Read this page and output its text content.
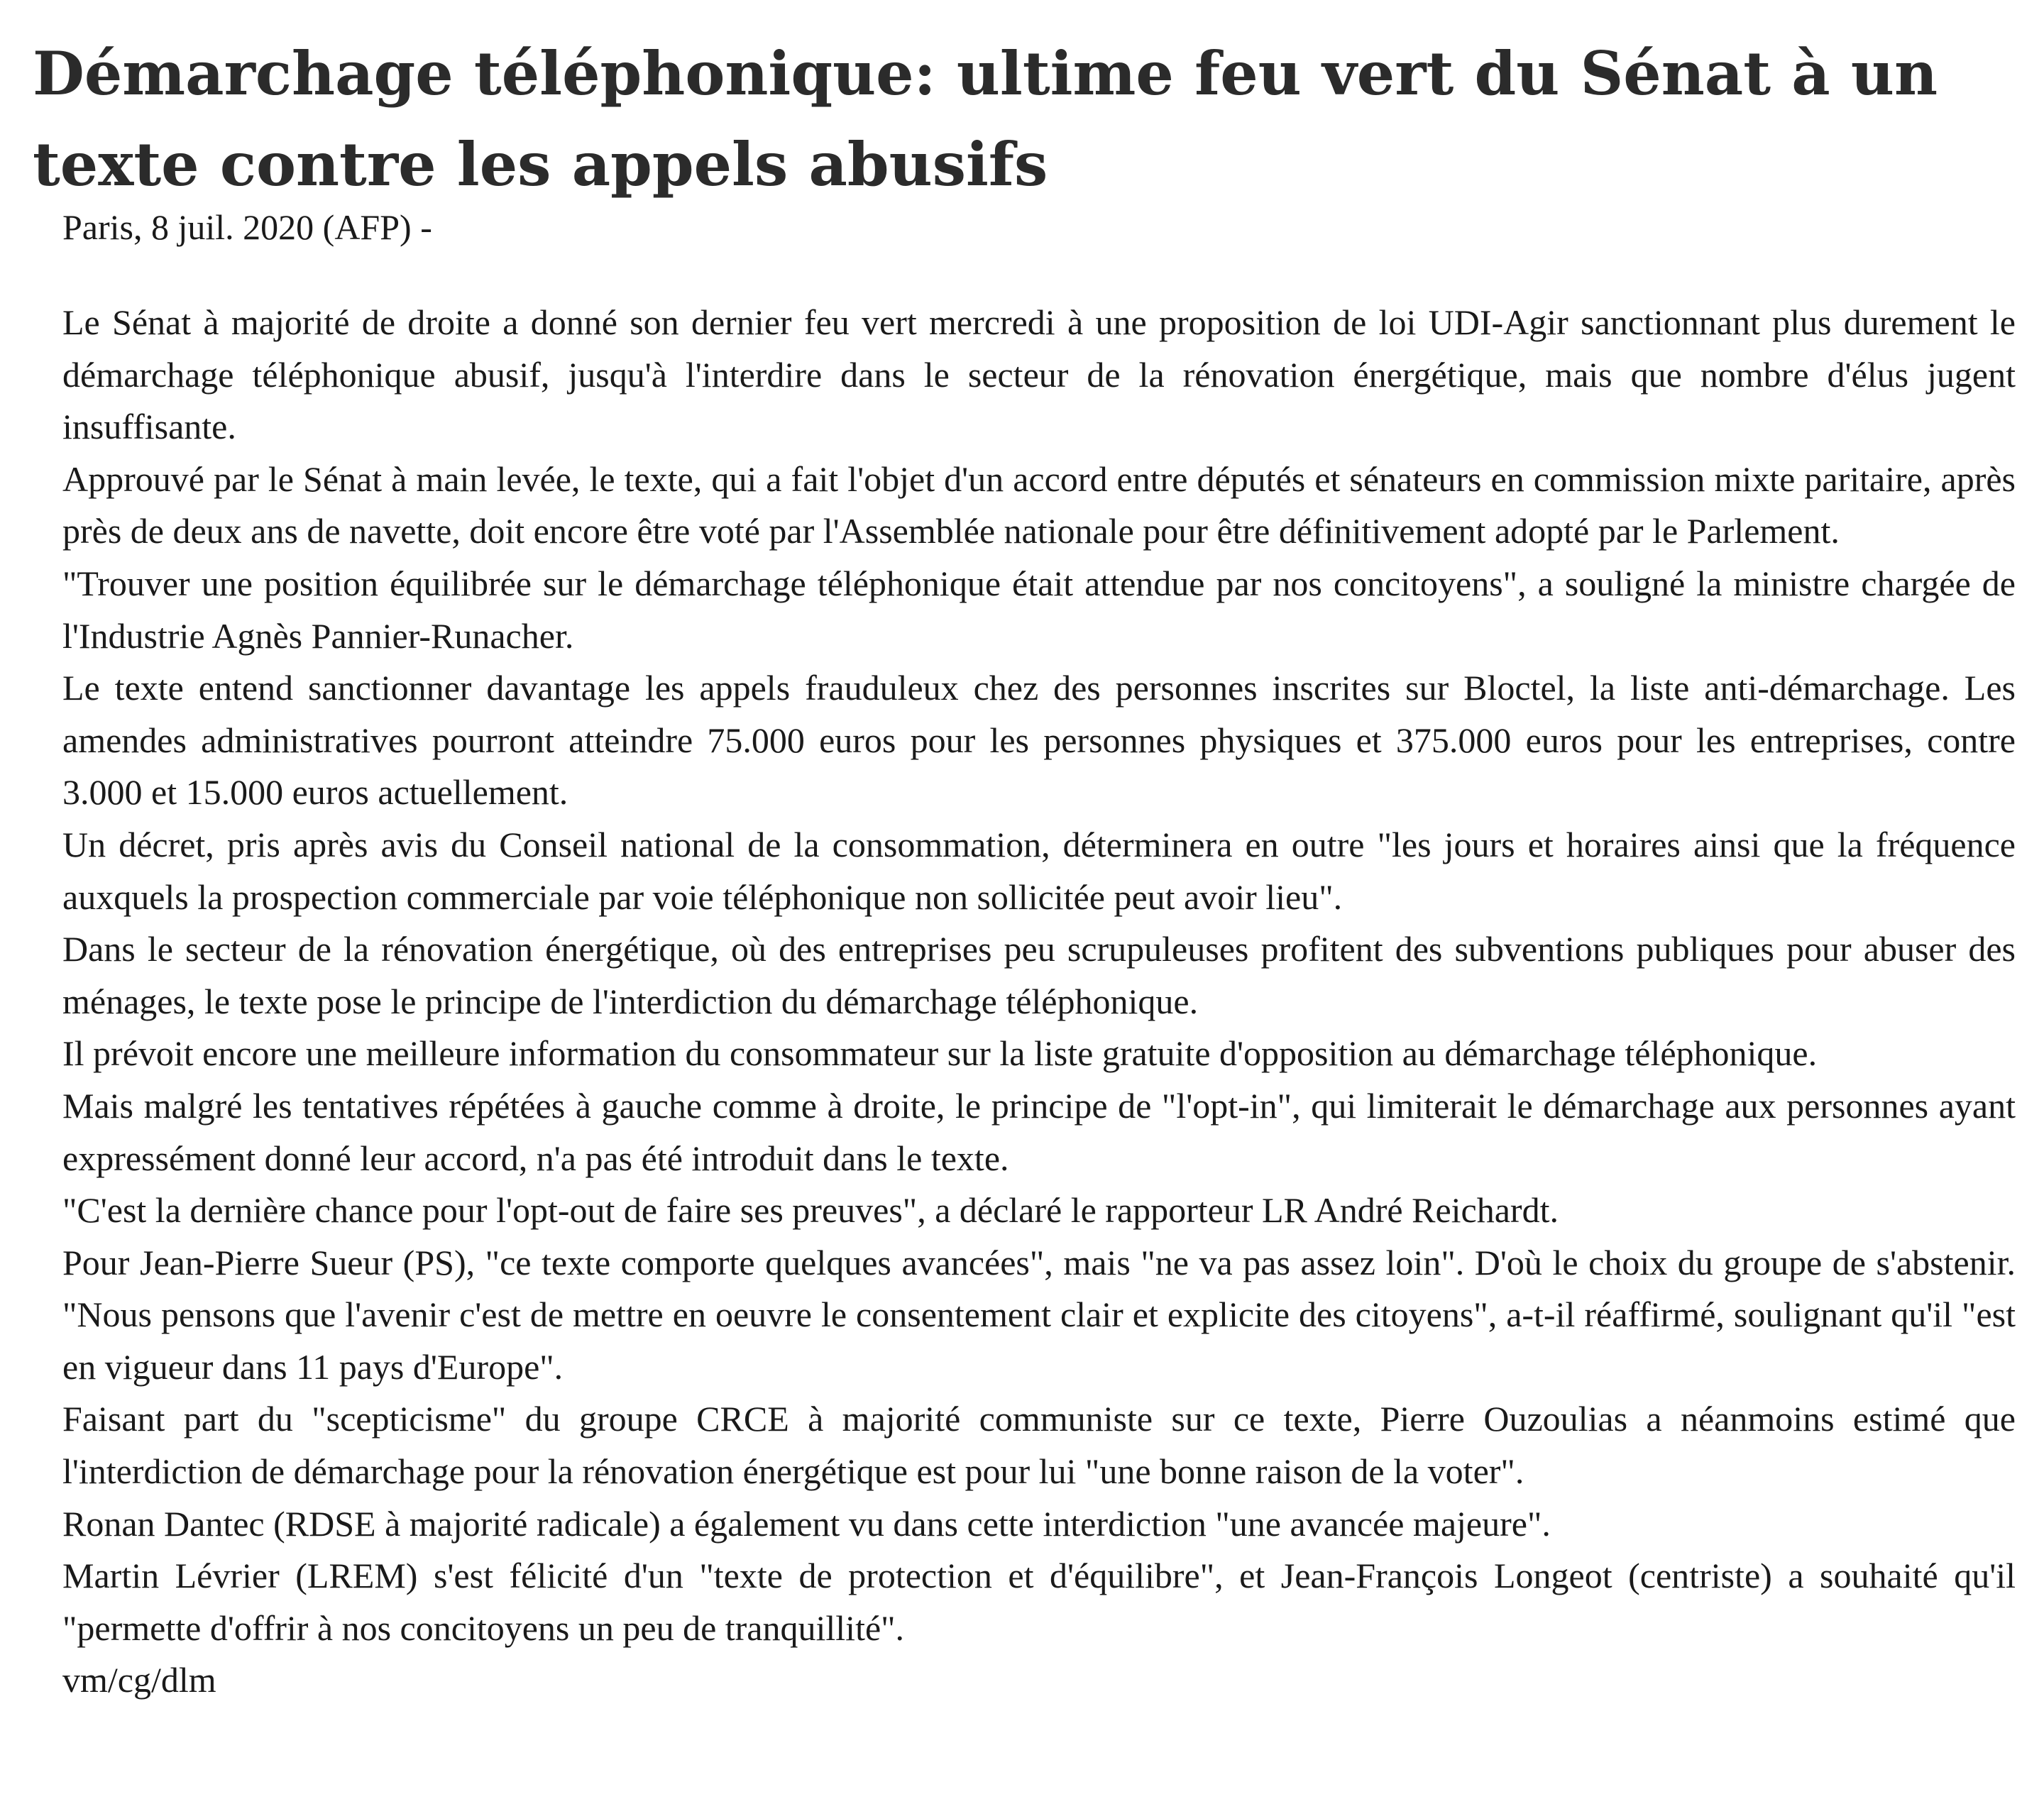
Démarchage téléphonique: ultime feu vert du Sénat à un texte contre les appels abusifs

Paris, 8 juil. 2020 (AFP) -

Le Sénat à majorité de droite a donné son dernier feu vert mercredi à une proposition de loi UDI-Agir sanctionnant plus durement le démarchage téléphonique abusif, jusqu'à l'interdire dans le secteur de la rénovation énergétique, mais que nombre d'élus jugent insuffisante.

Approuvé par le Sénat à main levée, le texte, qui a fait l'objet d'un accord entre députés et sénateurs en commission mixte paritaire, après près de deux ans de navette, doit encore être voté par l'Assemblée nationale pour être définitivement adopté par le Parlement.

"Trouver une position équilibrée sur le démarchage téléphonique était attendue par nos concitoyens", a souligné la ministre chargée de l'Industrie Agnès Pannier-Runacher.

Le texte entend sanctionner davantage les appels frauduleux chez des personnes inscrites sur Bloctel, la liste anti-démarchage. Les amendes administratives pourront atteindre 75.000 euros pour les personnes physiques et 375.000 euros pour les entreprises, contre 3.000 et 15.000 euros actuellement.

Un décret, pris après avis du Conseil national de la consommation, déterminera en outre "les jours et horaires ainsi que la fréquence auxquels la prospection commerciale par voie téléphonique non sollicitée peut avoir lieu".

Dans le secteur de la rénovation énergétique, où des entreprises peu scrupuleuses profitent des subventions publiques pour abuser des ménages, le texte pose le principe de l'interdiction du démarchage téléphonique.

Il prévoit encore une meilleure information du consommateur sur la liste gratuite d'opposition au démarchage téléphonique.

Mais malgré les tentatives répétées à gauche comme à droite, le principe de "l'opt-in", qui limiterait le démarchage aux personnes ayant expressément donné leur accord, n'a pas été introduit dans le texte.

"C'est la dernière chance pour l'opt-out de faire ses preuves", a déclaré le rapporteur LR André Reichardt.

Pour Jean-Pierre Sueur (PS), "ce texte comporte quelques avancées", mais "ne va pas assez loin". D'où le choix du groupe de s'abstenir. "Nous pensons que l'avenir c'est de mettre en oeuvre le consentement clair et explicite des citoyens", a-t-il réaffirmé, soulignant qu'il "est en vigueur dans 11 pays d'Europe".

Faisant part du "scepticisme" du groupe CRCE à majorité communiste sur ce texte, Pierre Ouzoulias a néanmoins estimé que l'interdiction de démarchage pour la rénovation énergétique est pour lui "une bonne raison de la voter".

Ronan Dantec (RDSE à majorité radicale) a également vu dans cette interdiction "une avancée majeure".

Martin Lévrier (LREM) s'est félicité d'un "texte de protection et d'équilibre", et Jean-François Longeot (centriste) a souhaité qu'il "permette d'offrir à nos concitoyens un peu de tranquillité".

vm/cg/dlm
